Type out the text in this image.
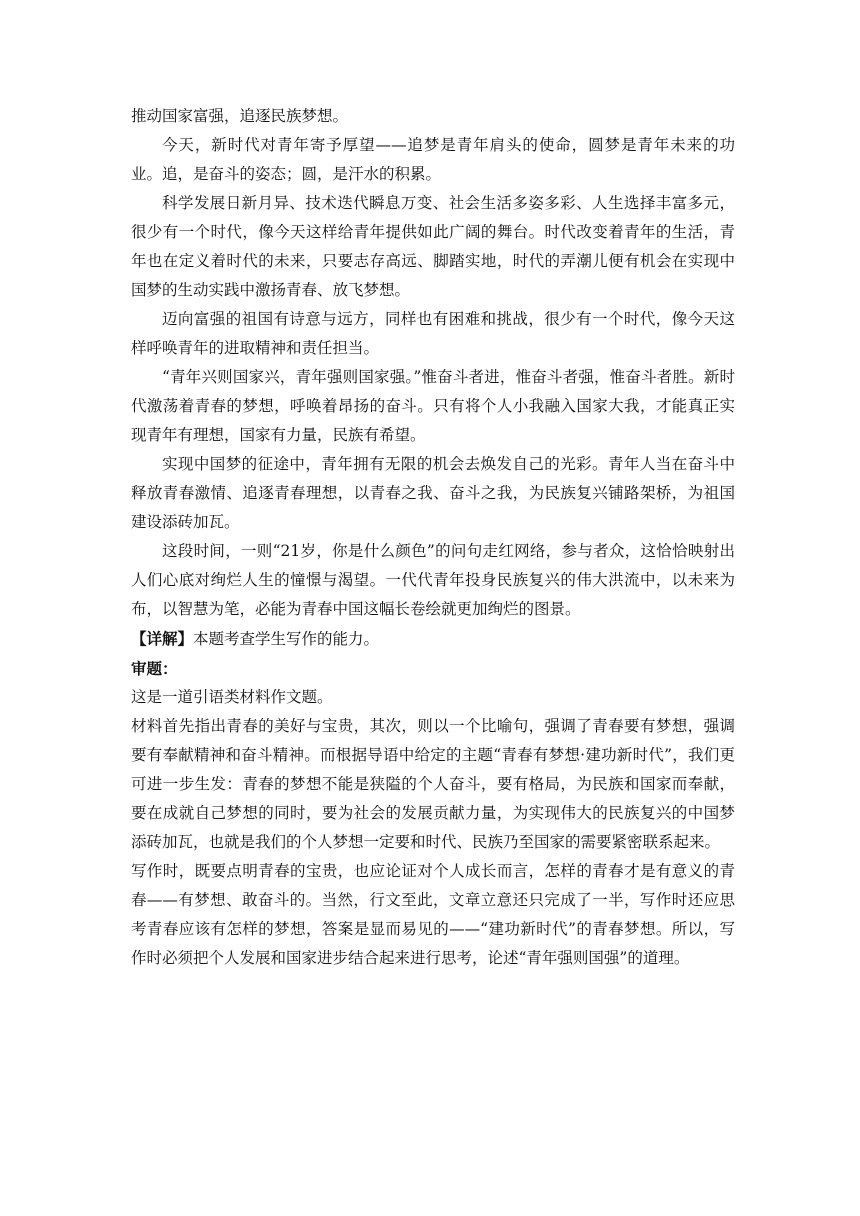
推动国家富强，追逐民族梦想。

今天，新时代对青年寄予厚望——追梦是青年肩头的使命，圆梦是青年未来的功业。追，是奋斗的姿态；圆，是汗水的积累。

科学发展日新月异、技术迭代瞬息万变、社会生活多姿多彩、人生选择丰富多元，很少有一个时代，像今天这样给青年提供如此广阔的舞台。时代改变着青年的生活，青年也在定义着时代的未来，只要志存高远、脚踏实地，时代的弄潮儿便有机会在实现中国梦的生动实践中激扬青春、放飞梦想。

迈向富强的祖国有诗意与远方，同样也有困难和挑战，很少有一个时代，像今天这样呼唤青年的进取精神和责任担当。

“青年兴则国家兴，青年强则国家强。”惟奋斗者进，惟奋斗者强，惟奋斗者胜。新时代激荡着青春的梦想，呼唤着昂扬的奋斗。只有将个人小我融入国家大我，才能真正实现青年有理想，国家有力量，民族有希望。

实现中国梦的征途中，青年拥有无限的机会去焕发自己的光彩。青年人当在奋斗中释放青春激情、追逐青春理想，以青春之我、奋斗之我，为民族复兴铺路架桥，为祖国建设添砖加瓦。

这段时间，一则“21岁，你是什么颜色”的问句走红网络，参与者众，这恰恰映射出人们心底对绚烂人生的憧憬与渴望。一代代青年投身民族复兴的伟大洪流中，以未来为布，以智慧为笔，必能为青春中国这幅长卷绘就更加绚烂的图景。

【详解】本题考查学生写作的能力。

审题：

这是一道引语类材料作文题。

材料首先指出青春的美好与宝贵，其次，则以一个比喻句，强调了青春要有梦想，强调要有奉献精神和奋斗精神。而根据导语中给定的主题“青春有梦想·建功新时代”，我们更可进一步生发：青春的梦想不能是狭隘的个人奋斗，要有格局，为民族和国家而奉献，要在成就自己梦想的同时，要为社会的发展贡献力量，为实现伟大的民族复兴的中国梦添砖加瓦，也就是我们的个人梦想一定要和时代、民族乃至国家的需要紧密联系起来。

写作时，既要点明青春的宝贵，也应论证对个人成长而言，怎样的青春才是有意义的青春——有梦想、敢奋斗的。当然，行文至此，文章立意还只完成了一半，写作时还应思考青春应该有怎样的梦想，答案是显而易见的——“建功新时代”的青春梦想。所以，写作时必须把个人发展和国家进步结合起来进行思考，论述“青年强则国强”的道理。
